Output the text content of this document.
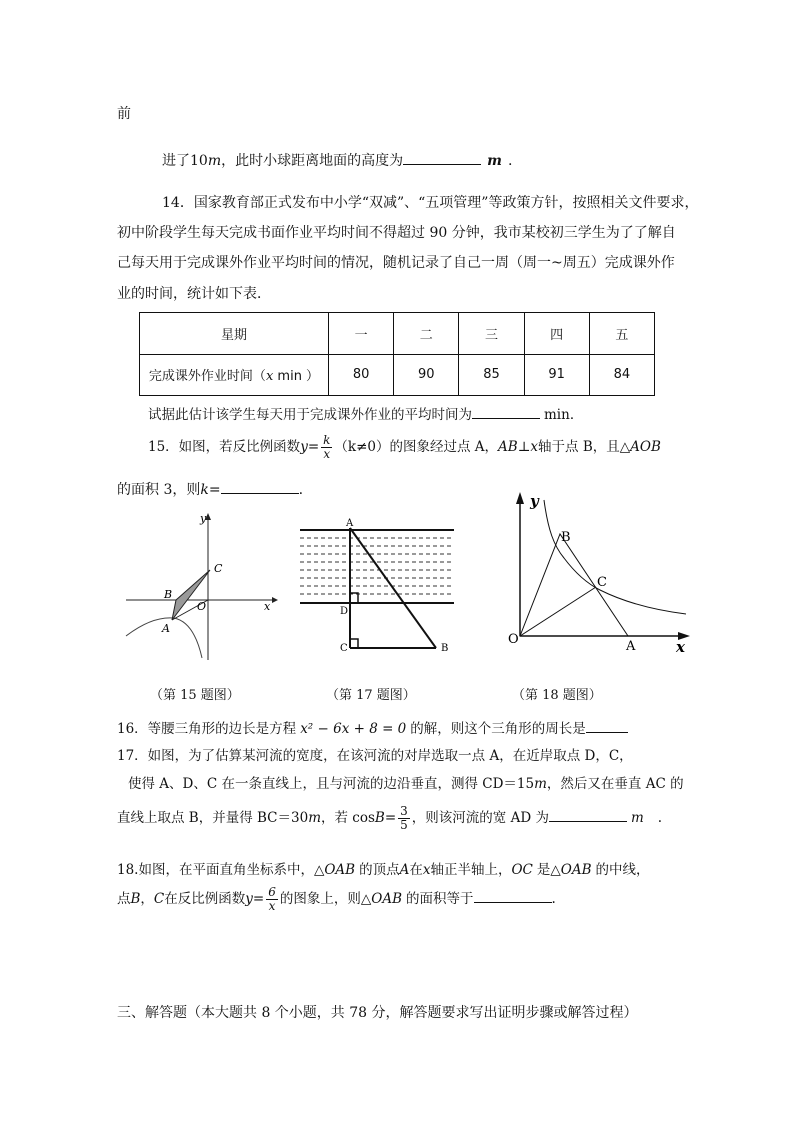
前
进了10m，此时小球距离地面的高度为	m .
14．国家教育部正式发布中小学“双减”、“五项管理”等政策方针，按照相关文件要求，
初中阶段学生每天完成书面作业平均时间不得超过 90 分钟，我市某校初三学生为了了解自
己每天用于完成课外作业平均时间的情况，随机记录了自己一周（周一~周五）完成课外作
业的时间，统计如下表．
星期	一	二	三	四	五
完成课外作业时间（x min ）	80	90	85	91	84
试据此估计该学生每天用于完成课外作业的平均时间为	min．
15．如图，若反比例函数$y= \frac{k}{x} (k\ne 0)$的图象经过点 A，AB⊥x轴于点 B，且△AOB
的面积 3，则k=	.
y
x
C
B
O
A
A
D
C	B
y
x
B
C
O	A
（第 15 题图）	（第 17 题图）	（第 18 题图）
16．等腰三角形的边长是方程 x² − 6x + 8 = 0 的解，则这个三角形的周长是
17．如图，为了估算某河流的宽度，在该河流的对岸选取一点 A，在近岸取点 D，C，
使得 A、D、C 在一条直线上，且与河流的边沿垂直，测得 CD＝15m，然后又在垂直 AC 的
直线上取点 B，并量得 BC＝30m，若 $\cos B= \frac{3}{5}$ ，则该河流的宽 AD 为	m .
18.如图，在平面直角坐标系中，△OAB 的顶点A在x轴正半轴上，OC 是△OAB 的中线，
点B，C在反比例函数$y= \frac{6}{x}$ 的图象上，则△OAB 的面积等于	.
三、解答题（本大题共 8 个小题，共 78 分，解答题要求写出证明步骤或解答过程）
